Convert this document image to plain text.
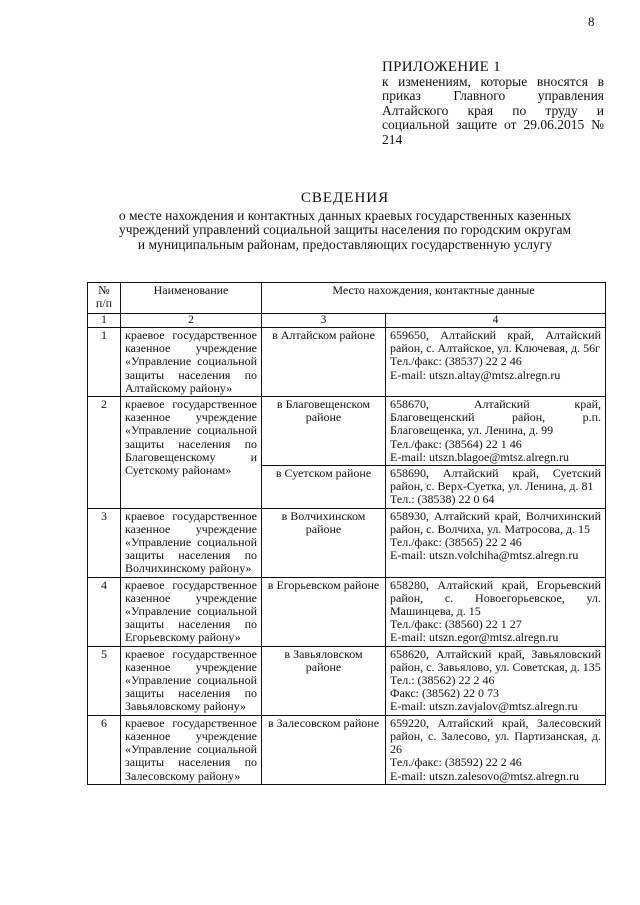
8
ПРИЛОЖЕНИЕ 1
к изменениям, которые вносятся в приказ Главного управления Алтайского края по труду и социальной защите от 29.06.2015 № 214
СВЕДЕНИЯ
о месте нахождения и контактных данных краевых государственных казенных учреждений управлений социальной защиты населения по городским округам и муниципальным районам, предоставляющих государственную услугу
№ п/п	Наименование	Место нахождения, контактные данные	
1	2	3	4
1	краевое государственное казенное учреждение «Управление социальной защиты населения по Алтайскому району»	в Алтайском районе	659650, Алтайский край, Алтайский район, с. Алтайское, ул. Ключевая, д. 56г
Тел./факс: (38537) 22 2 46
E-mail: utszn.altay@mtsz.alregn.ru

2	краевое государственное казенное учреждение «Управление социальной защиты населения по Благовещенскому и Суетскому районам»	в Благовещенском районе	658670, Алтайский край, Благовещенский район, р.п. Благовещенка, ул. Ленина, д. 99
Тел./факс: (38564) 22 1 46
E-mail: utszn.blagoe@mtsz.alregn.ru

		в Суетском районе	658690, Алтайский край, Суетский район, с. Верх-Суетка, ул. Ленина, д. 81
Тел.: (38538) 22 0 64

3	краевое государственное казенное учреждение «Управление социальной защиты населения по Волчихинскому району»	в Волчихинском районе	658930, Алтайский край, Волчихинский район, с. Волчиха, ул. Матросова, д. 15
Тел./факс: (38565) 22 2 46
E-mail: utszn.volchiha@mtsz.alregn.ru

4	краевое государственное казенное учреждение «Управление социальной защиты населения по Егорьевскому району»	в Егорьевском районе	658280, Алтайский край, Егорьевский район, с. Новоегорьевское, ул. Машинцева, д. 15
Тел./факс: (38560) 22 1 27
E-mail: utszn.egor@mtsz.alregn.ru

5	краевое государственное казенное учреждение «Управление социальной защиты населения по Завьяловскому району»	в Завьяловском районе	658620, Алтайский край, Завьяловский район, с. Завьялово, ул. Советская, д. 135
Тел.: (38562) 22 2 46
Факс: (38562) 22 0 73
E-mail: utszn.zavjalov@mtsz.alregn.ru

6	краевое государственное казенное учреждение «Управление социальной защиты населения по Залесовскому району»	в Залесовском районе	659220, Алтайский край, Залесовский район, с. Залесово, ул. Партизанская, д. 26
Тел./факс: (38592) 22 2 46
E-mail: utszn.zalesovo@mtsz.alregn.ru
